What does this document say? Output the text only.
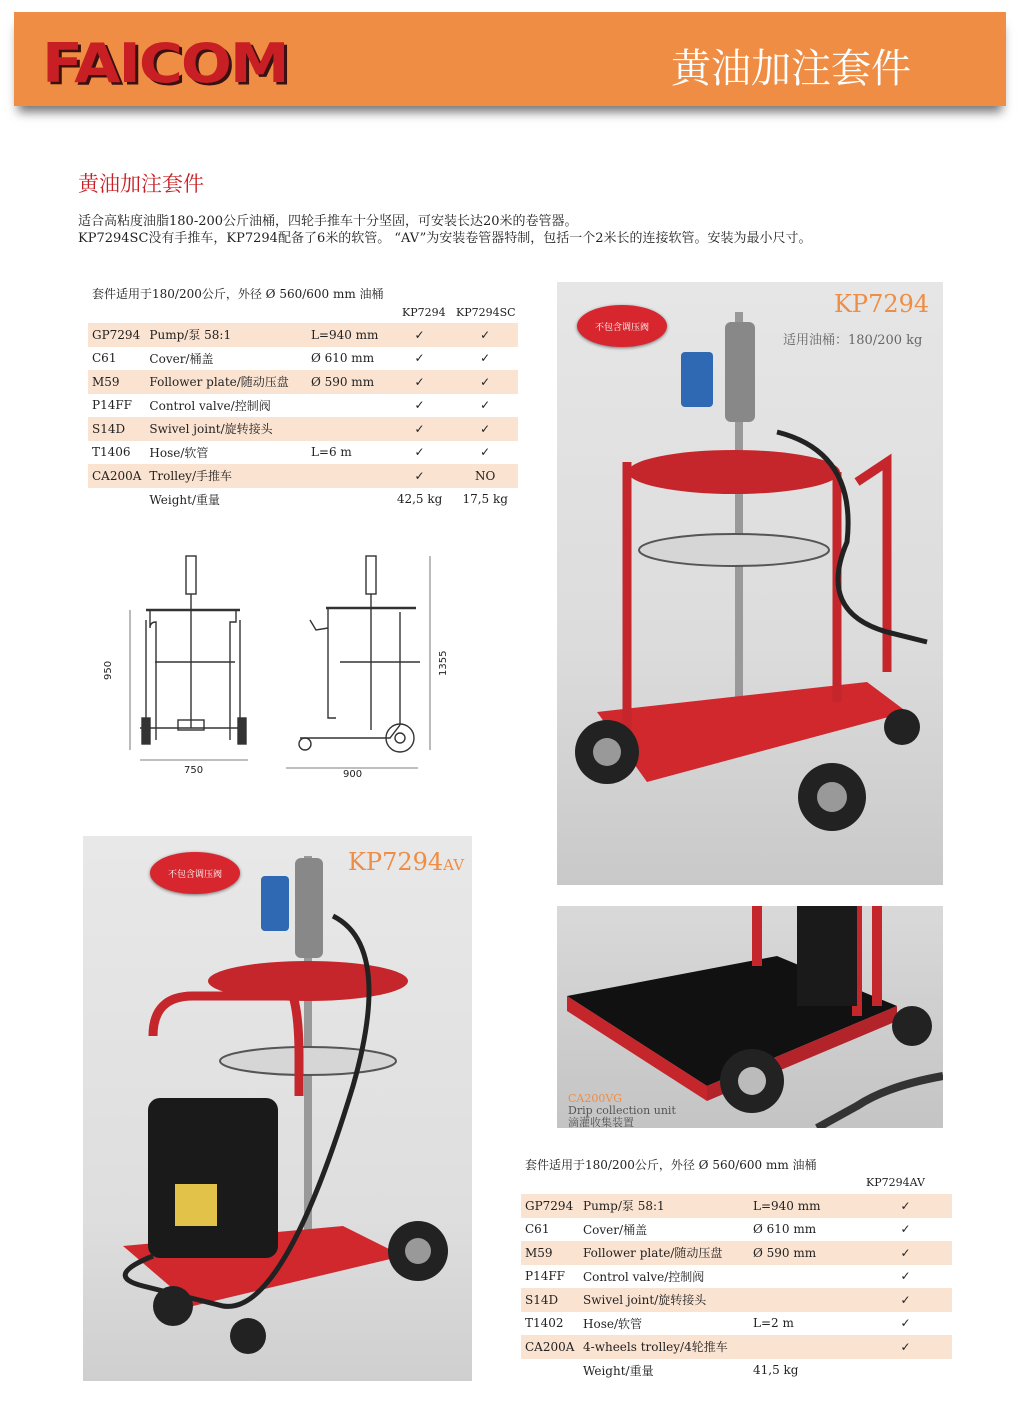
FAICOM	黄油加注套件
黄油加注套件
适合高粘度油脂180-200公斤油桶，四轮手推车十分坚固，可安装长达20米的卷管器。
KP7294SC没有手推车，KP7294配备了6米的软管。 “AV”为安装卷管器特制，包括一个2米长的连接软管。安装为最小尺寸。
套件适用于180/200公斤，外径 Ø 560/600 mm 油桶
KP7294 KP7294SC
GP7294	Pump/泵 58:1	L=940 mm	✓	✓
C61	Cover/桶盖	Ø 610 mm	✓	✓
M59	Follower plate/随动压盘	Ø 590 mm	✓	✓
P14FF	Control valve/控制阀		✓	✓
S14D	Swivel joint/旋转接头		✓	✓
T1406	Hose/软管	L=6 m	✓	✓
CA200A	Trolley/手推车		✓	NO
	Weight/重量		42,5 kg	17,5 kg
950
750	900
1355
KP7294
适用油桶：180/200 kg
不包含调压阀
KP7294AV
不包含调压阀
CA200VG
Drip collection unit
滴灌收集装置
套件适用于180/200公斤，外径 Ø 560/600 mm 油桶
KP7294AV
GP7294	Pump/泵 58:1	L=940 mm	✓
C61	Cover/桶盖	Ø 610 mm	✓
M59	Follower plate/随动压盘	Ø 590 mm	✓
P14FF	Control valve/控制阀		✓
S14D	Swivel joint/旋转接头		✓
T1402	Hose/软管	L=2 m	✓
CA200A	4-wheels trolley/4轮推车		✓
	Weight/重量	41,5 kg	
